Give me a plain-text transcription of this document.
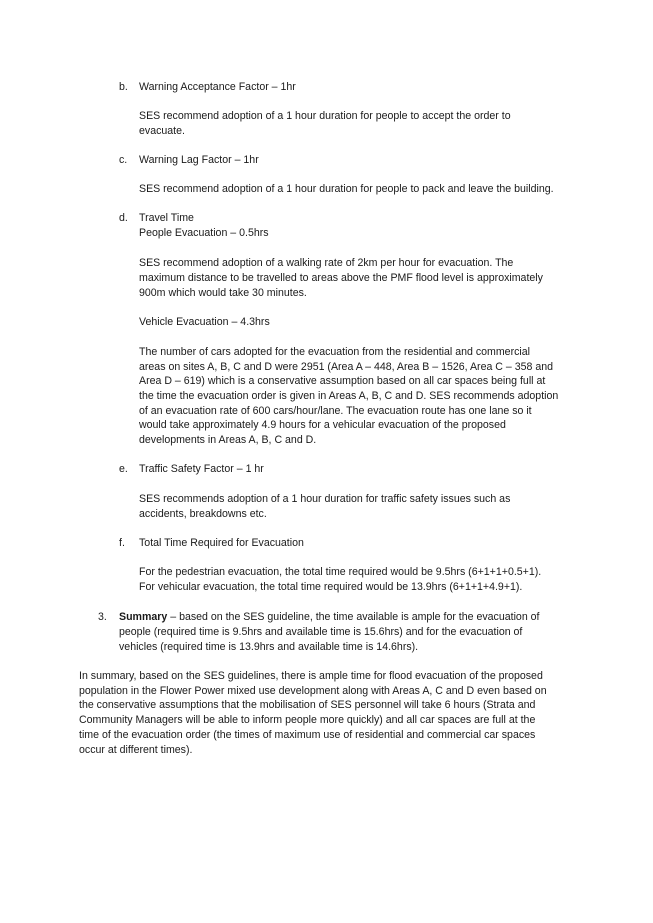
b. Warning Acceptance Factor – 1hr

SES recommend adoption of a 1 hour duration for people to accept the order to

evacuate.

c. Warning Lag Factor – 1hr

SES recommend adoption of a 1 hour duration for people to pack and leave the building.

d. Travel Time

People Evacuation – 0.5hrs

SES recommend adoption of a walking rate of 2km per hour for evacuation. The

maximum distance to be travelled to areas above the PMF flood level is approximately

900m which would take 30 minutes.

Vehicle Evacuation – 4.3hrs

The number of cars adopted for the evacuation from the residential and commercial

areas on sites A, B, C and D were 2951 (Area A – 448, Area B – 1526, Area C – 358 and

Area D – 619) which is a conservative assumption based on all car spaces being full at

the time the evacuation order is given in Areas A, B, C and D. SES recommends adoption

of an evacuation rate of 600 cars/hour/lane. The evacuation route has one lane so it

would take approximately 4.9 hours for a vehicular evacuation of the proposed

developments in Areas A, B, C and D.

e. Traffic Safety Factor – 1 hr

SES recommends adoption of a 1 hour duration for traffic safety issues such as

accidents, breakdowns etc.

f. Total Time Required for Evacuation

For the pedestrian evacuation, the total time required would be 9.5hrs (6+1+1+0.5+1).

For vehicular evacuation, the total time required would be 13.9hrs (6+1+1+4.9+1).

3. Summary – based on the SES guideline, the time available is ample for the evacuation of

people (required time is 9.5hrs and available time is 15.6hrs) and for the evacuation of

vehicles (required time is 13.9hrs and available time is 14.6hrs).

In summary, based on the SES guidelines, there is ample time for flood evacuation of the proposed

population in the Flower Power mixed use development along with Areas A, C and D even based on

the conservative assumptions that the mobilisation of SES personnel will take 6 hours (Strata and

Community Managers will be able to inform people more quickly) and all car spaces are full at the

time of the evacuation order (the times of maximum use of residential and commercial car spaces

occur at different times).
